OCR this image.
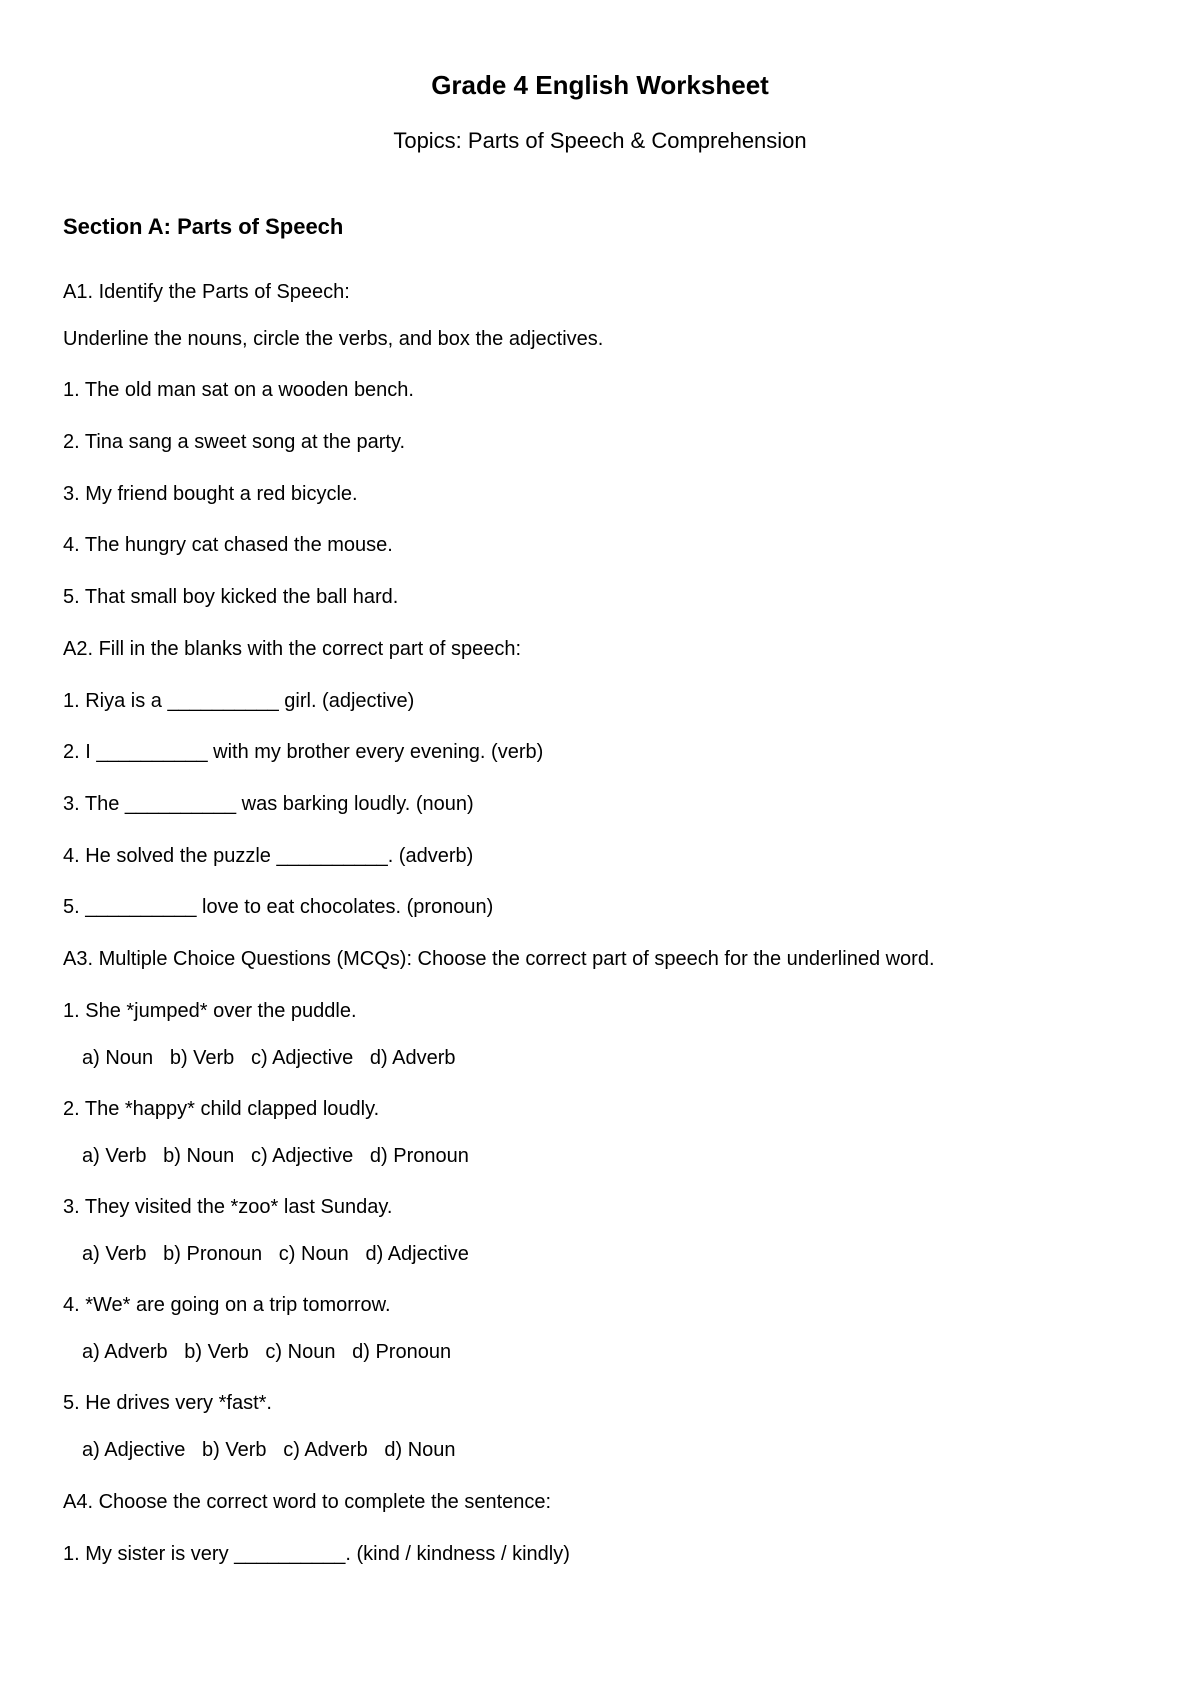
Grade 4 English Worksheet
Topics: Parts of Speech & Comprehension
Section A: Parts of Speech
A1. Identify the Parts of Speech:
Underline the nouns, circle the verbs, and box the adjectives.
1. The old man sat on a wooden bench.
2. Tina sang a sweet song at the party.
3. My friend bought a red bicycle.
4. The hungry cat chased the mouse.
5. That small boy kicked the ball hard.
A2. Fill in the blanks with the correct part of speech:
1. Riya is a __________ girl. (adjective)
2. I __________ with my brother every evening. (verb)
3. The __________ was barking loudly. (noun)
4. He solved the puzzle __________. (adverb)
5. __________ love to eat chocolates. (pronoun)
A3. Multiple Choice Questions (MCQs): Choose the correct part of speech for the underlined word.
1. She *jumped* over the puddle.
a) Noun   b) Verb   c) Adjective   d) Adverb
2. The *happy* child clapped loudly.
a) Verb   b) Noun   c) Adjective   d) Pronoun
3. They visited the *zoo* last Sunday.
a) Verb   b) Pronoun   c) Noun   d) Adjective
4. *We* are going on a trip tomorrow.
a) Adverb   b) Verb   c) Noun   d) Pronoun
5. He drives very *fast*.
a) Adjective   b) Verb   c) Adverb   d) Noun
A4. Choose the correct word to complete the sentence:
1. My sister is very __________. (kind / kindness / kindly)
